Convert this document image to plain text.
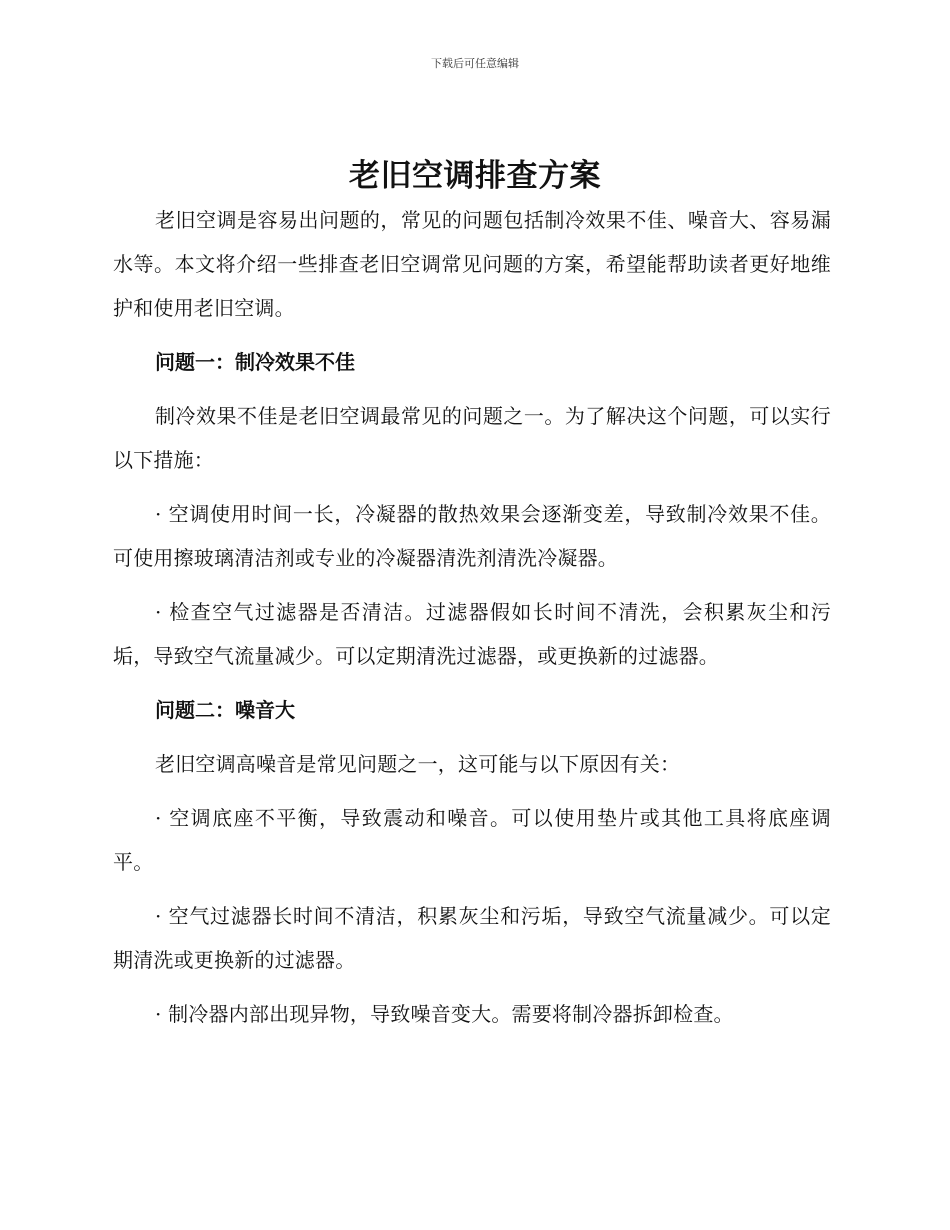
下载后可任意编辑
老旧空调排查方案

老旧空调是容易出问题的，常见的问题包括制冷效果不佳、噪音大、容易漏水等。本文将介绍一些排查老旧空调常见问题的方案，希望能帮助读者更好地维护和使用老旧空调。

问题一：制冷效果不佳

制冷效果不佳是老旧空调最常见的问题之一。为了解决这个问题，可以实行以下措施：

· 空调使用时间一长，冷凝器的散热效果会逐渐变差，导致制冷效果不佳。可使用擦玻璃清洁剂或专业的冷凝器清洗剂清洗冷凝器。

· 检查空气过滤器是否清洁。过滤器假如长时间不清洗，会积累灰尘和污垢，导致空气流量减少。可以定期清洗过滤器，或更换新的过滤器。

问题二：噪音大

老旧空调高噪音是常见问题之一，这可能与以下原因有关：

· 空调底座不平衡，导致震动和噪音。可以使用垫片或其他工具将底座调平。

· 空气过滤器长时间不清洁，积累灰尘和污垢，导致空气流量减少。可以定期清洗或更换新的过滤器。

· 制冷器内部出现异物，导致噪音变大。需要将制冷器拆卸检查。
